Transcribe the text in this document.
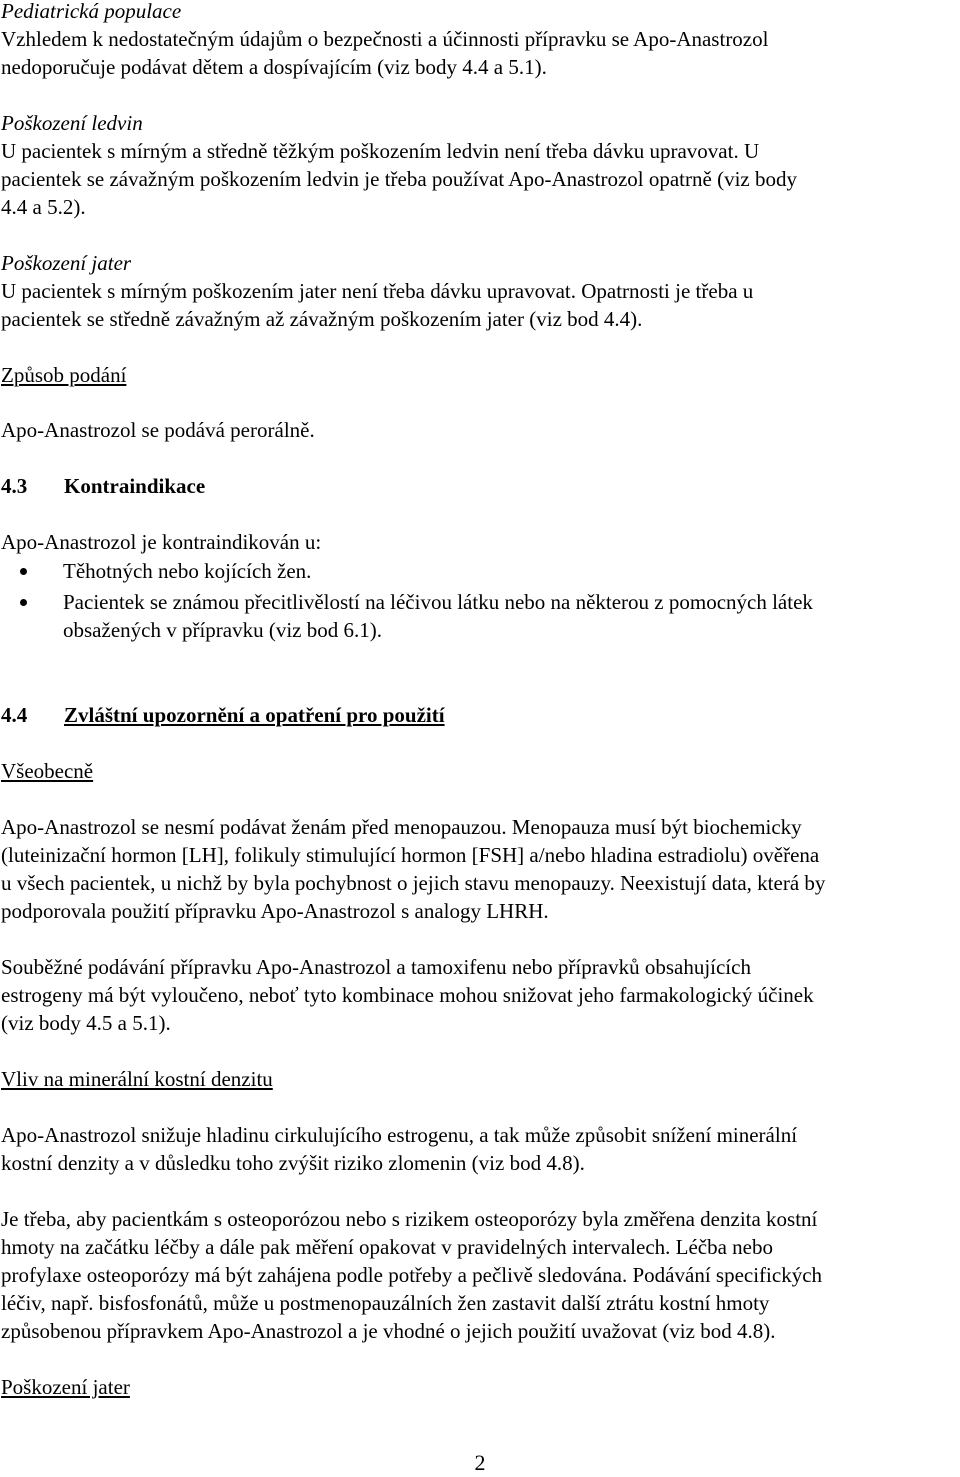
Pediatrická populace
Vzhledem k nedostatečným údajům o bezpečnosti a účinnosti přípravku se Apo-Anastrozol
nedoporučuje podávat dětem a dospívajícím (viz body 4.4 a 5.1).
Poškození ledvin
U pacientek s mírným a středně těžkým poškozením ledvin není třeba dávku upravovat. U
pacientek se závažným poškozením ledvin je třeba používat Apo-Anastrozol opatrně (viz body
4.4 a 5.2).
Poškození jater
U pacientek s mírným poškozením jater není třeba dávku upravovat. Opatrnosti je třeba u
pacientek se středně závažným až závažným poškozením jater (viz bod 4.4).
Způsob podání
Apo-Anastrozol se podává perorálně.
4.3 Kontraindikace
Apo-Anastrozol je kontraindikován u:
Těhotných nebo kojících žen.
Pacientek se známou přecitlivělostí na léčivou látku nebo na některou z pomocných látek
obsažených v přípravku (viz bod 6.1).
4.4 Zvláštní upozornění a opatření pro použití
Všeobecně
Apo-Anastrozol se nesmí podávat ženám před menopauzou. Menopauza musí být biochemicky
(luteinizační hormon [LH], folikuly stimulující hormon [FSH] a/nebo hladina estradiolu) ověřena
u všech pacientek, u nichž by byla pochybnost o jejich stavu menopauzy. Neexistují data, která by
podporovala použití přípravku Apo-Anastrozol s analogy LHRH.
Souběžné podávání přípravku Apo-Anastrozol a tamoxifenu nebo přípravků obsahujících
estrogeny má být vyloučeno, neboť tyto kombinace mohou snižovat jeho farmakologický účinek
(viz body 4.5 a 5.1).
Vliv na minerální kostní denzitu
Apo-Anastrozol snižuje hladinu cirkulujícího estrogenu, a tak může způsobit snížení minerální
kostní denzity a v důsledku toho zvýšit riziko zlomenin (viz bod 4.8).
Je třeba, aby pacientkám s osteoporózou nebo s rizikem osteoporózy byla změřena denzita kostní
hmoty na začátku léčby a dále pak měření opakovat v pravidelných intervalech. Léčba nebo
profylaxe osteoporózy má být zahájena podle potřeby a pečlivě sledována. Podávání specifických
léčiv, např. bisfosfonátů, může u postmenopauzálních žen zastavit další ztrátu kostní hmoty
způsobenou přípravkem Apo-Anastrozol a je vhodné o jejich použití uvažovat (viz bod 4.8).
Poškození jater
2
